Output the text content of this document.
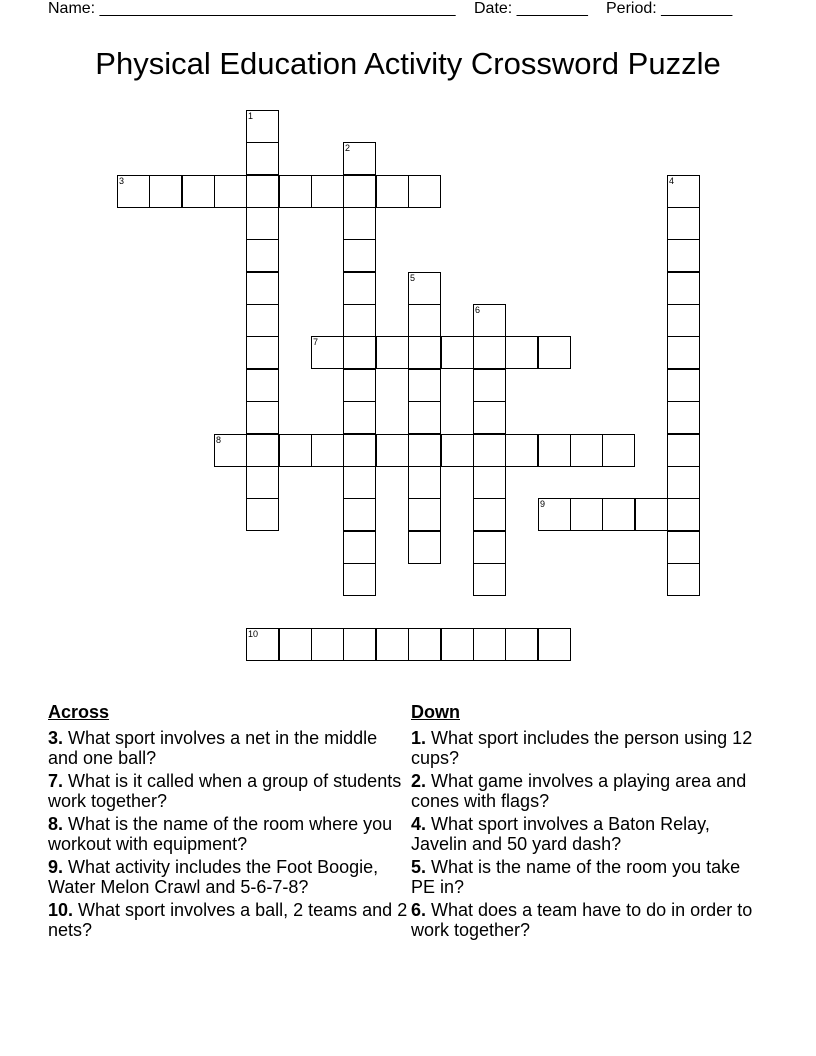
Name: ________________________________________ Date: ________ Period: ________
Physical Education Activity Crossword Puzzle
1
2
3	4
5
6
7
8
9
10
Across
3. What sport involves a net in the middle and one ball?
7. What is it called when a group of students work together?
8. What is the name of the room where you workout with equipment?
9. What activity includes the Foot Boogie, Water Melon Crawl and 5-6-7-8?
10. What sport involves a ball, 2 teams and 2 nets?
Down
1. What sport includes the person using 12 cups?
2. What game involves a playing area and cones with flags?
4. What sport involves a Baton Relay, Javelin and 50 yard dash?
5. What is the name of the room you take PE in?
6. What does a team have to do in order to work together?
